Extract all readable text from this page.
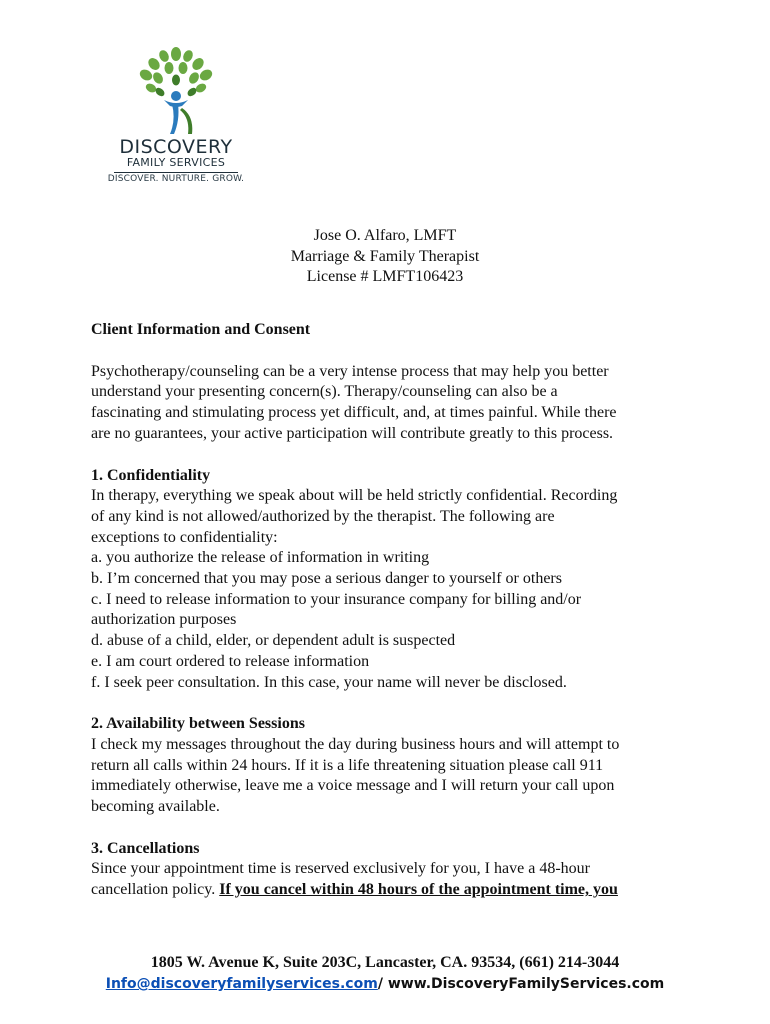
DISCOVERY
FAMILY SERVICES
DISCOVER. NURTURE. GROW.
Jose O. Alfaro, LMFT
Marriage & Family Therapist
License # LMFT106423

Client Information and Consent

Psychotherapy/counseling can be a very intense process that may help you better

understand your presenting concern(s). Therapy/counseling can also be a

fascinating and stimulating process yet difficult, and, at times painful. While there

are no guarantees, your active participation will contribute greatly to this process.

1. Confidentiality

In therapy, everything we speak about will be held strictly confidential. Recording

of any kind is not allowed/authorized by the therapist. The following are

exceptions to confidentiality:

a. you authorize the release of information in writing

b. I’m concerned that you may pose a serious danger to yourself or others

c. I need to release information to your insurance company for billing and/or

authorization purposes

d. abuse of a child, elder, or dependent adult is suspected

e. I am court ordered to release information

f. I seek peer consultation. In this case, your name will never be disclosed.

2. Availability between Sessions

I check my messages throughout the day during business hours and will attempt to

return all calls within 24 hours. If it is a life threatening situation please call 911

immediately otherwise, leave me a voice message and I will return your call upon

becoming available.

3. Cancellations

Since your appointment time is reserved exclusively for you, I have a 48-hour

cancellation policy. If you cancel within 48 hours of the appointment time, you

1805 W. Avenue K, Suite 203C, Lancaster, CA. 93534, (661) 214-3044
Info@discoveryfamilyservices.com/ www.DiscoveryFamilyServices.com
